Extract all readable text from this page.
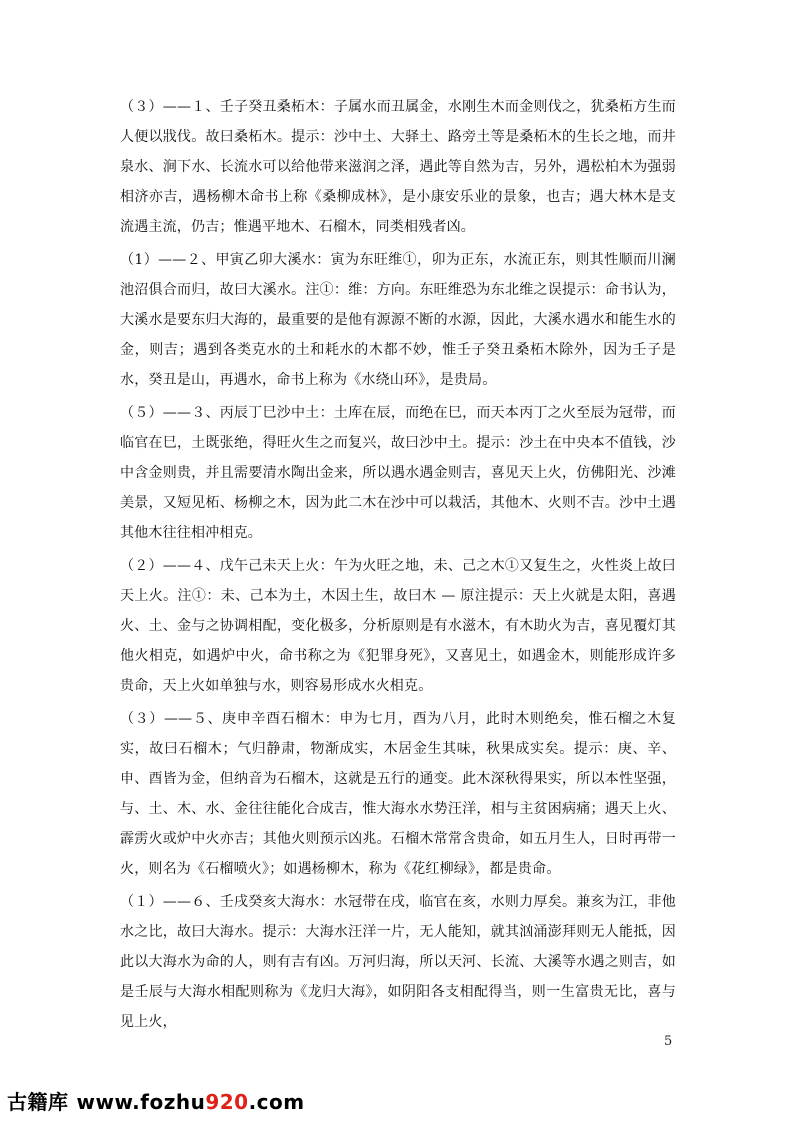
（３）——１、壬子癸丑桑柘木：子属水而丑属金，水刚生木而金则伐之，犹桑柘方生而人便以戕伐。故曰桑柘木。提示：沙中土、大驿土、路旁土等是桑柘木的生长之地，而井泉水、涧下水、长流水可以给他带来滋润之泽，遇此等自然为吉，另外，遇松柏木为强弱相济亦吉，遇杨柳木命书上称《桑柳成林》，是小康安乐业的景象，也吉；遇大林木是支流遇主流，仍吉；惟遇平地木、石榴木，同类相残者凶。

（1）——２、甲寅乙卯大溪水：寅为东旺维①，卯为正东，水流正东，则其性顺而川澜池沼俱合而归，故曰大溪水。注①：维：方向。东旺维恐为东北维之误提示：命书认为，大溪水是要东归大海的，最重要的是他有源源不断的水源，因此，大溪水遇水和能生水的金，则吉；遇到各类克水的土和耗水的木都不妙，惟壬子癸丑桑柘木除外，因为壬子是水，癸丑是山，再遇水，命书上称为《水绕山环》，是贵局。

（５）——３、丙辰丁巳沙中土：土库在辰，而绝在巳，而天本丙丁之火至辰为冠带，而临官在巳，土既张绝，得旺火生之而复兴，故曰沙中土。提示：沙土在中央本不值钱，沙中含金则贵，并且需要清水陶出金来，所以遇水遇金则吉，喜见天上火，仿佛阳光、沙滩美景，又短见柘、杨柳之木，因为此二木在沙中可以栽活，其他木、火则不吉。沙中土遇其他木往往相冲相克。

（２）——４、戊午己未天上火：午为火旺之地，未、己之木①又复生之，火性炎上故曰天上火。注①：未、己本为土，木因土生，故曰木 — 原注提示：天上火就是太阳，喜遇火、土、金与之协调相配，变化极多，分析原则是有水滋木，有木助火为吉，喜见覆灯其他火相克，如遇炉中火，命书称之为《犯罪身死》，又喜见土，如遇金木，则能形成许多贵命，天上火如单独与水，则容易形成水火相克。

（３）——５、庚申辛酉石榴木：申为七月，酉为八月，此时木则绝矣，惟石榴之木复实，故曰石榴木；气归静肃，物渐成实，木居金生其味，秋果成实矣。提示：庚、辛、申、酉皆为金，但纳音为石榴木，这就是五行的通变。此木深秋得果实，所以本性坚强，与、土、木、水、金往往能化合成吉，惟大海水水势汪洋，相与主贫困病痛；遇天上火、霹雳火或炉中火亦吉；其他火则预示凶兆。石榴木常常含贵命，如五月生人，日时再带一火，则名为《石榴喷火》；如遇杨柳木，称为《花红柳绿》，都是贵命。

（１）——６、壬戌癸亥大海水：水冠带在戌，临官在亥，水则力厚矣。兼亥为江，非他水之比，故曰大海水。提示：大海水汪洋一片，无人能知，就其汹涌澎拜则无人能抵，因此以大海水为命的人，则有吉有凶。万河归海，所以天河、长流、大溪等水遇之则吉，如是壬辰与大海水相配则称为《龙归大海》，如阴阳各支相配得当，则一生富贵无比，喜与见上火，

5
古籍库 www.fozhu920.com
